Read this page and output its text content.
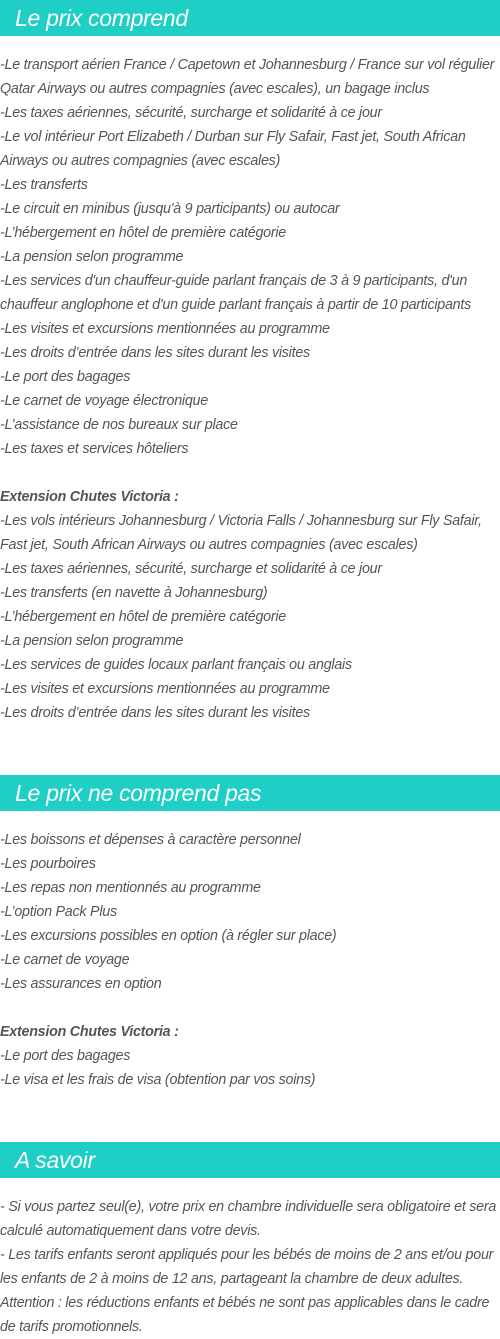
Le prix comprend
-Le transport aérien France / Capetown et Johannesburg / France sur vol régulier Qatar Airways ou autres compagnies (avec escales), un bagage inclus
-Les taxes aériennes, sécurité, surcharge et solidarité à ce jour
-Le vol intérieur Port Elizabeth / Durban sur Fly Safair, Fast jet, South African Airways ou autres compagnies (avec escales)
-Les transferts
-Le circuit en minibus (jusqu'à 9 participants) ou autocar
-L’hébergement en hôtel de première catégorie
-La pension selon programme
-Les services d'un chauffeur-guide parlant français de 3 à 9 participants, d'un chauffeur anglophone et d'un guide parlant français à partir de 10 participants
-Les visites et excursions mentionnées au programme
-Les droits d’entrée dans les sites durant les visites
-Le port des bagages
-Le carnet de voyage électronique
-L’assistance de nos bureaux sur place
-Les taxes et services hôteliers
Extension Chutes Victoria :
-Les vols intérieurs Johannesburg / Victoria Falls / Johannesburg sur Fly Safair, Fast jet, South African Airways ou autres compagnies (avec escales)
-Les taxes aériennes, sécurité, surcharge et solidarité à ce jour
-Les transferts (en navette à Johannesburg)
-L’hébergement en hôtel de première catégorie
-La pension selon programme
-Les services de guides locaux parlant français ou anglais
-Les visites et excursions mentionnées au programme
-Les droits d’entrée dans les sites durant les visites
Le prix ne comprend pas
-Les boissons et dépenses à caractère personnel
-Les pourboires
-Les repas non mentionnés au programme
-L’option Pack Plus
-Les excursions possibles en option (à régler sur place)
-Le carnet de voyage
-Les assurances en option
Extension Chutes Victoria :
-Le port des bagages
-Le visa et les frais de visa (obtention par vos soins)
A savoir
- Si vous partez seul(e), votre prix en chambre individuelle sera obligatoire et sera calculé automatiquement dans votre devis.
- Les tarifs enfants seront appliqués pour les bébés de moins de 2 ans et/ou pour les enfants de 2 à moins de 12 ans, partageant la chambre de deux adultes. Attention : les réductions enfants et bébés ne sont pas applicables dans le cadre de tarifs promotionnels.
